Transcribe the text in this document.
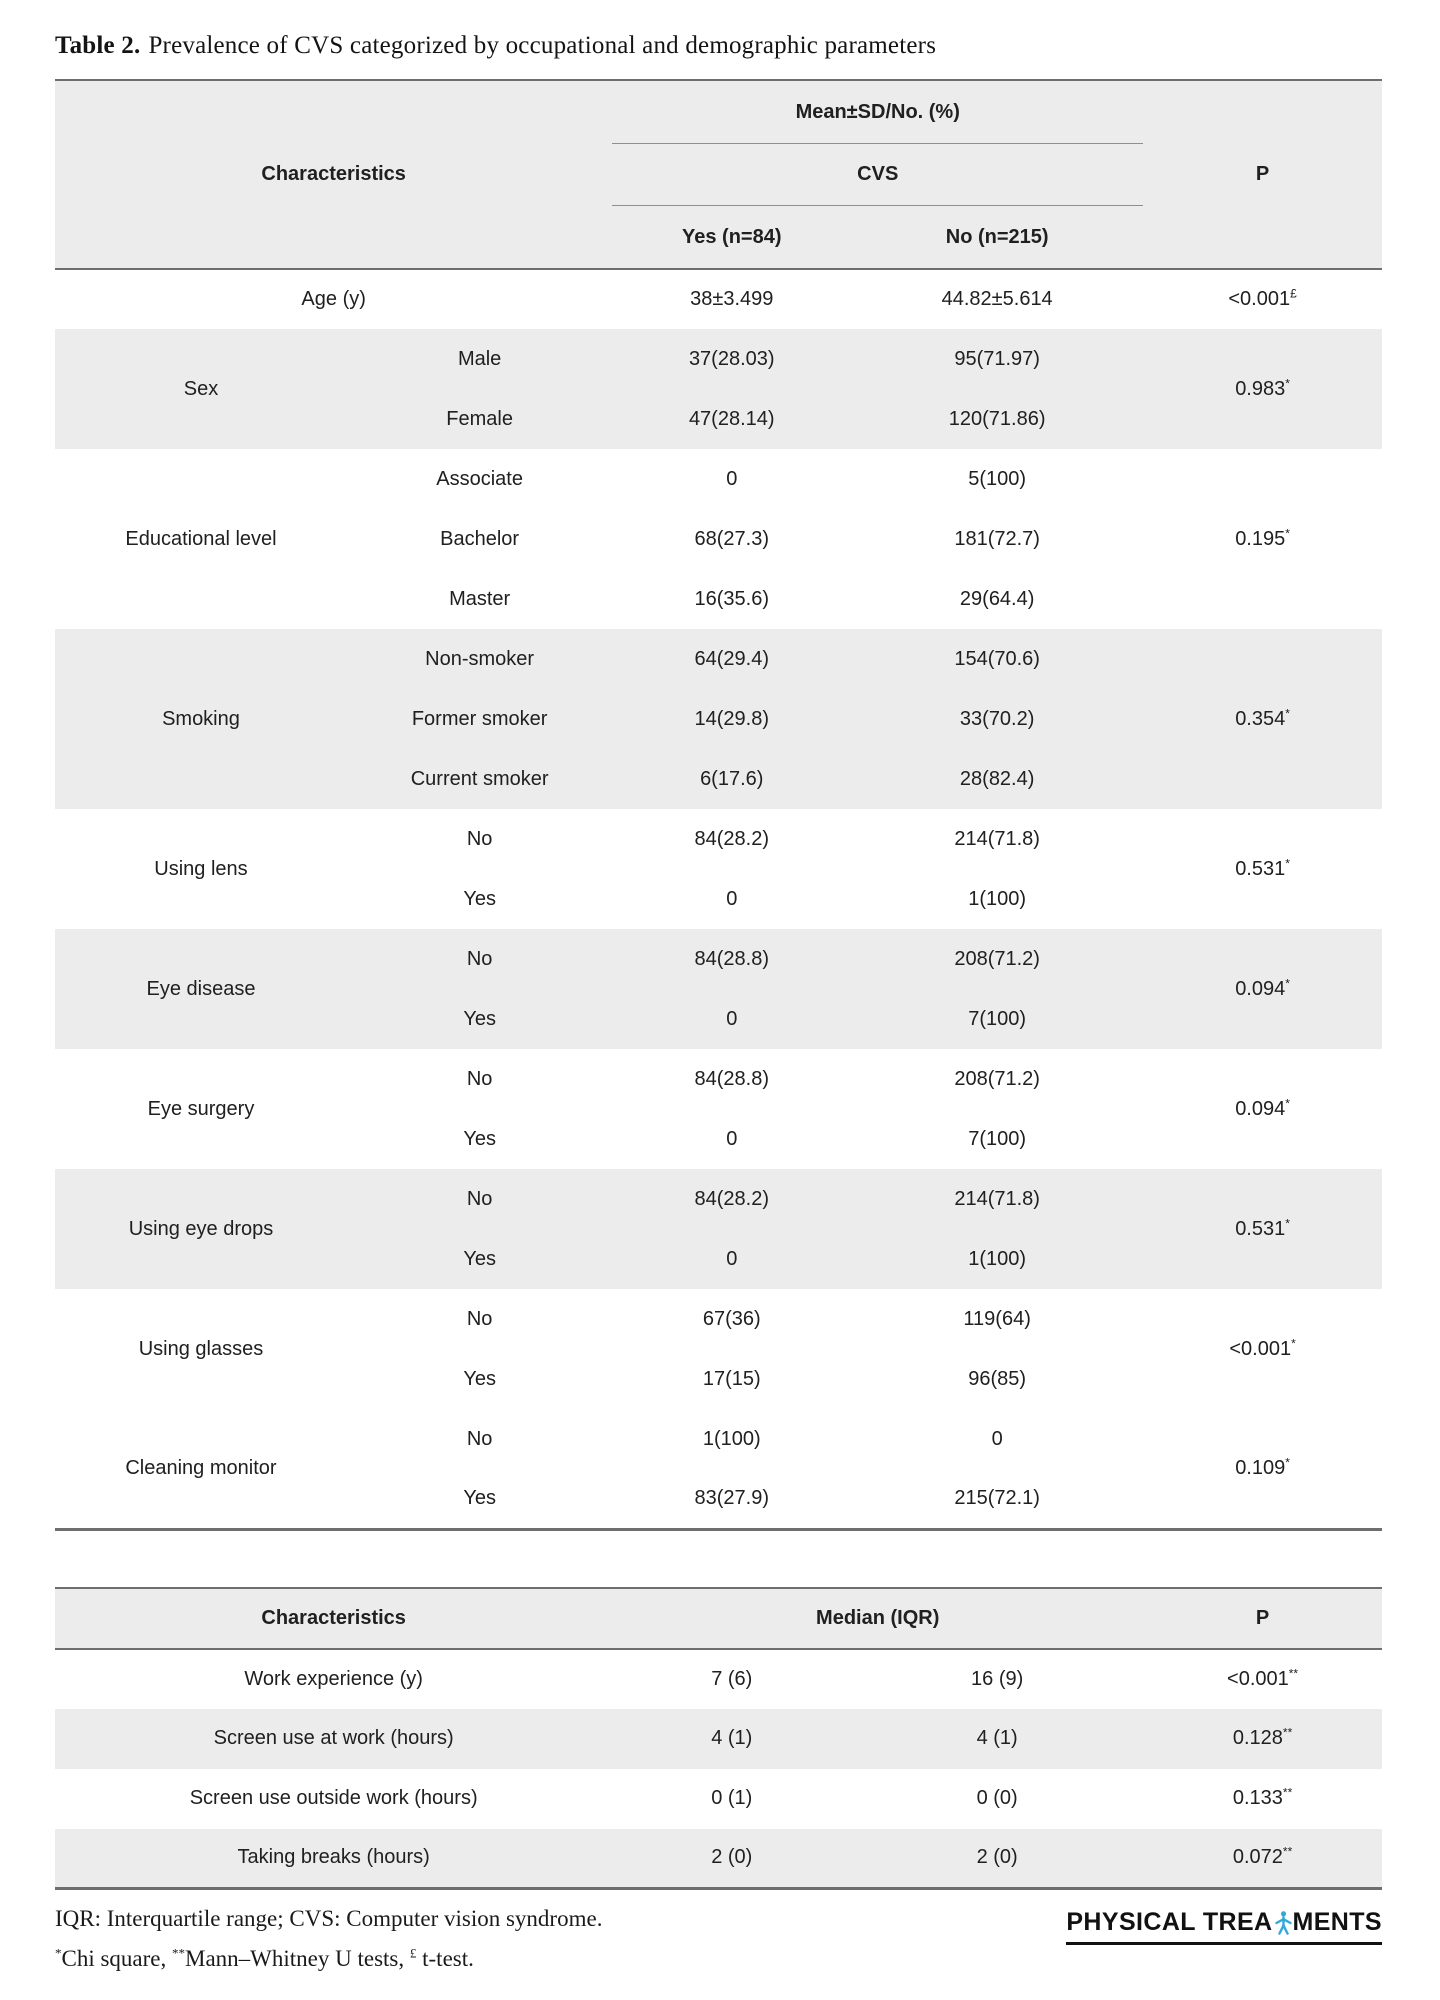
Table 2. Prevalence of CVS categorized by occupational and demographic parameters
Characteristics		Mean±SD/No. (%)		P
		CVS		
		Yes (n=84)	No (n=215)	
Age (y)		38±3.499	44.82±5.614	<0.001£
Sex	Male	37(28.03)	95(71.97)	0.983*
	Female	47(28.14)	120(71.86)	
Educational level	Associate	0	5(100)	0.195*
	Bachelor	68(27.3)	181(72.7)	
	Master	16(35.6)	29(64.4)	
Smoking	Non-smoker	64(29.4)	154(70.6)	0.354*
	Former smoker	14(29.8)	33(70.2)	
	Current smoker	6(17.6)	28(82.4)	
Using lens	No	84(28.2)	214(71.8)	0.531*
	Yes	0	1(100)	
Eye disease	No	84(28.8)	208(71.2)	0.094*
	Yes	0	7(100)	
Eye surgery	No	84(28.8)	208(71.2)	0.094*
	Yes	0	7(100)	
Using eye drops	No	84(28.2)	214(71.8)	0.531*
	Yes	0	1(100)	
Using glasses	No	67(36)	119(64)	<0.001*
	Yes	17(15)	96(85)	
Cleaning monitor	No	1(100)	0	0.109*
	Yes	83(27.9)	215(72.1)	
Characteristics	Median (IQR)		P
Work experience (y)	7 (6)	16 (9)	<0.001**
Screen use at work (hours)	4 (1)	4 (1)	0.128**
Screen use outside work (hours)	0 (1)	0 (0)	0.133**
Taking breaks (hours)	2 (0)	2 (0)	0.072**

IQR: Interquartile range; CVS: Computer vision syndrome.

*Chi square, **Mann–Whitney U tests, £ t-test.

PHYSICAL TREA MENTS
